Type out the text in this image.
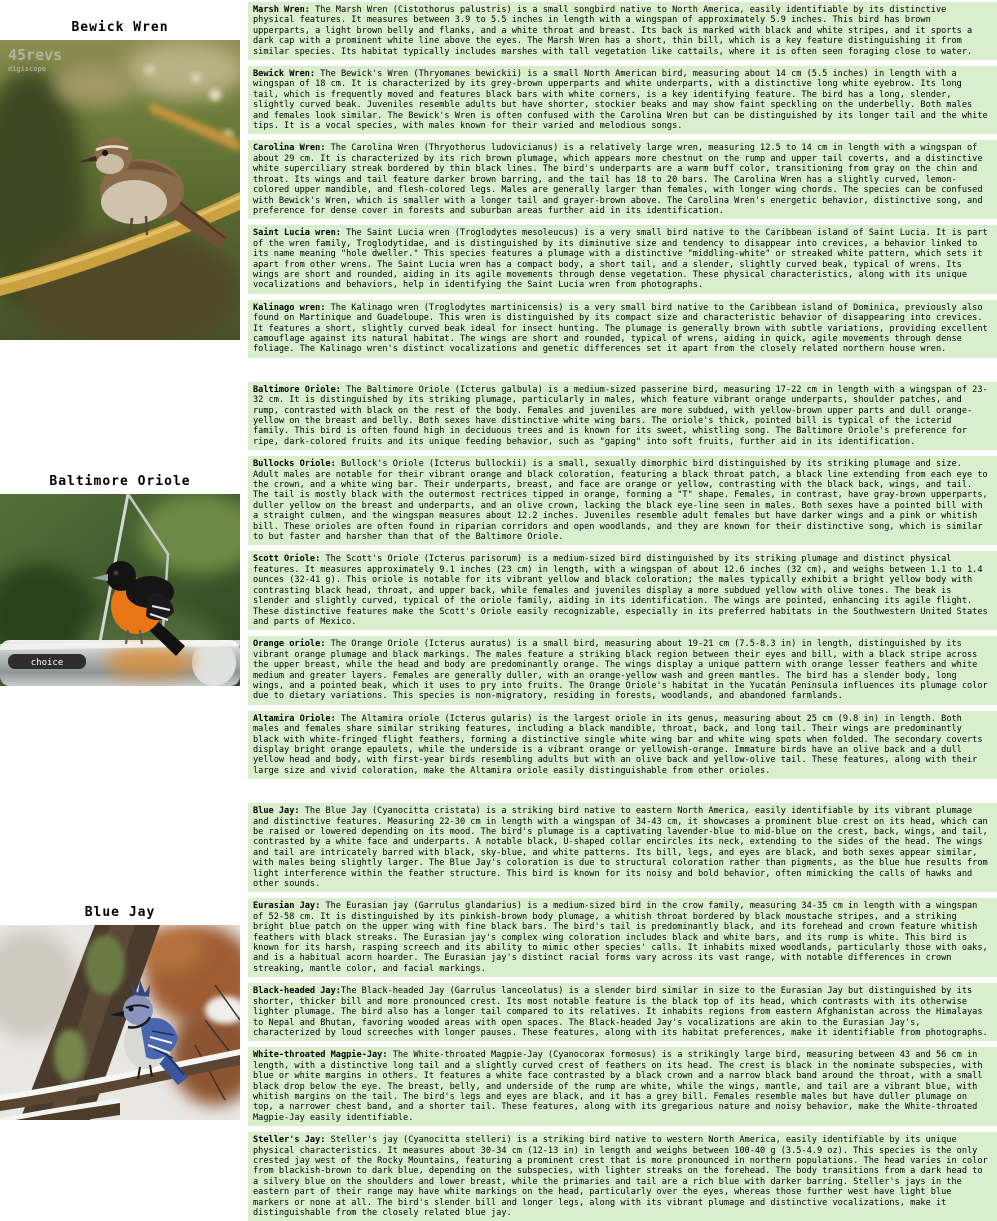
Bewick Wren
45revs
digiscope
Marsh Wren: The Marsh Wren (Cistothorus palustris) is a small songbird native to North America, easily identifiable by its distinctive physical features. It measures between 3.9 to 5.5 inches in length with a wingspan of approximately 5.9 inches. This bird has brown upperparts, a light brown belly and flanks, and a white throat and breast. Its back is marked with black and white stripes, and it sports a dark cap with a prominent white line above the eyes. The Marsh Wren has a short, thin bill, which is a key feature distinguishing it from similar species. Its habitat typically includes marshes with tall vegetation like cattails, where it is often seen foraging close to water.
Bewick Wren: The Bewick's Wren (Thryomanes bewickii) is a small North American bird, measuring about 14 cm (5.5 inches) in length with a wingspan of 18 cm. It is characterized by its grey-brown upperparts and white underparts, with a distinctive long white eyebrow. Its long tail, which is frequently moved and features black bars with white corners, is a key identifying feature. The bird has a long, slender, slightly curved beak. Juveniles resemble adults but have shorter, stockier beaks and may show faint speckling on the underbelly. Both males and females look similar. The Bewick's Wren is often confused with the Carolina Wren but can be distinguished by its longer tail and the white tips. It is a vocal species, with males known for their varied and melodious songs.
Carolina Wren: The Carolina Wren (Thryothorus ludovicianus) is a relatively large wren, measuring 12.5 to 14 cm in length with a wingspan of about 29 cm. It is characterized by its rich brown plumage, which appears more chestnut on the rump and upper tail coverts, and a distinctive white superciliary streak bordered by thin black lines. The bird's underparts are a warm buff color, transitioning from gray on the chin and throat. Its wings and tail feature darker brown barring, and the tail has 18 to 20 bars. The Carolina Wren has a slightly curved, lemon-colored upper mandible, and flesh-colored legs. Males are generally larger than females, with longer wing chords. The species can be confused with Bewick's Wren, which is smaller with a longer tail and grayer-brown above. The Carolina Wren's energetic behavior, distinctive song, and preference for dense cover in forests and suburban areas further aid in its identification.
Saint Lucia wren: The Saint Lucia wren (Troglodytes mesoleucus) is a very small bird native to the Caribbean island of Saint Lucia. It is part of the wren family, Troglodytidae, and is distinguished by its diminutive size and tendency to disappear into crevices, a behavior linked to its name meaning "hole dweller." This species features a plumage with a distinctive "middling-white" or streaked white pattern, which sets it apart from other wrens. The Saint Lucia wren has a compact body, a short tail, and a slender, slightly curved beak, typical of wrens. Its wings are short and rounded, aiding in its agile movements through dense vegetation. These physical characteristics, along with its unique vocalizations and behaviors, help in identifying the Saint Lucia wren from photographs.
Kalinago wren: The Kalinago wren (Troglodytes martinicensis) is a very small bird native to the Caribbean island of Dominica, previously also found on Martinique and Guadeloupe. This wren is distinguished by its compact size and characteristic behavior of disappearing into crevices. It features a short, slightly curved beak ideal for insect hunting. The plumage is generally brown with subtle variations, providing excellent camouflage against its natural habitat. The wings are short and rounded, typical of wrens, aiding in quick, agile movements through dense foliage. The Kalinago wren's distinct vocalizations and genetic differences set it apart from the closely related northern house wren.
Baltimore Oriole
choice
Baltimore Oriole: The Baltimore Oriole (Icterus galbula) is a medium-sized passerine bird, measuring 17-22 cm in length with a wingspan of 23-32 cm. It is distinguished by its striking plumage, particularly in males, which feature vibrant orange underparts, shoulder patches, and rump, contrasted with black on the rest of the body. Females and juveniles are more subdued, with yellow-brown upper parts and dull orange-yellow on the breast and belly. Both sexes have distinctive white wing bars. The oriole's thick, pointed bill is typical of the icterid family. This bird is often found high in deciduous trees and is known for its sweet, whistling song. The Baltimore Oriole's preference for ripe, dark-colored fruits and its unique feeding behavior, such as "gaping" into soft fruits, further aid in its identification.
Bullocks Oriole: Bullock's Oriole (Icterus bullockii) is a small, sexually dimorphic bird distinguished by its striking plumage and size. Adult males are notable for their vibrant orange and black coloration, featuring a black throat patch, a black line extending from each eye to the crown, and a white wing bar. Their underparts, breast, and face are orange or yellow, contrasting with the black back, wings, and tail. The tail is mostly black with the outermost rectrices tipped in orange, forming a "T" shape. Females, in contrast, have gray-brown upperparts, duller yellow on the breast and underparts, and an olive crown, lacking the black eye-line seen in males. Both sexes have a pointed bill with a straight culmen, and the wingspan measures about 12.2 inches. Juveniles resemble adult females but have darker wings and a pink or whitish bill. These orioles are often found in riparian corridors and open woodlands, and they are known for their distinctive song, which is similar to but faster and harsher than that of the Baltimore Oriole.
Scott Oriole: The Scott's Oriole (Icterus parisorum) is a medium-sized bird distinguished by its striking plumage and distinct physical features. It measures approximately 9.1 inches (23 cm) in length, with a wingspan of about 12.6 inches (32 cm), and weighs between 1.1 to 1.4 ounces (32-41 g). This oriole is notable for its vibrant yellow and black coloration; the males typically exhibit a bright yellow body with contrasting black head, throat, and upper back, while females and juveniles display a more subdued yellow with olive tones. The beak is slender and slightly curved, typical of the oriole family, aiding in its identification. The wings are pointed, enhancing its agile flight. These distinctive features make the Scott's Oriole easily recognizable, especially in its preferred habitats in the Southwestern United States and parts of Mexico.
Orange oriole: The Orange Oriole (Icterus auratus) is a small bird, measuring about 19-21 cm (7.5-8.3 in) in length, distinguished by its vibrant orange plumage and black markings. The males feature a striking black region between their eyes and bill, with a black stripe across the upper breast, while the head and body are predominantly orange. The wings display a unique pattern with orange lesser feathers and white medium and greater layers. Females are generally duller, with an orange-yellow wash and green mantles. The bird has a slender body, long wings, and a pointed beak, which it uses to pry into fruits. The Orange Oriole's habitat in the Yucatán Peninsula influences its plumage color due to dietary variations. This species is non-migratory, residing in forests, woodlands, and abandoned farmlands.
Altamira Oriole: The Altamira oriole (Icterus gularis) is the largest oriole in its genus, measuring about 25 cm (9.8 in) in length. Both males and females share similar striking features, including a black mandible, throat, back, and long tail. Their wings are predominantly black with white-fringed flight feathers, forming a distinctive single white wing bar and white wing spots when folded. The secondary coverts display bright orange epaulets, while the underside is a vibrant orange or yellowish-orange. Immature birds have an olive back and a dull yellow head and body, with first-year birds resembling adults but with an olive back and yellow-olive tail. These features, along with their large size and vivid coloration, make the Altamira oriole easily distinguishable from other orioles.
Blue Jay
Blue Jay: The Blue Jay (Cyanocitta cristata) is a striking bird native to eastern North America, easily identifiable by its vibrant plumage and distinctive features. Measuring 22-30 cm in length with a wingspan of 34-43 cm, it showcases a prominent blue crest on its head, which can be raised or lowered depending on its mood. The bird's plumage is a captivating lavender-blue to mid-blue on the crest, back, wings, and tail, contrasted by a white face and underparts. A notable black, U-shaped collar encircles its neck, extending to the sides of the head. The wings and tail are intricately barred with black, sky-blue, and white patterns. Its bill, legs, and eyes are black, and both sexes appear similar, with males being slightly larger. The Blue Jay's coloration is due to structural coloration rather than pigments, as the blue hue results from light interference within the feather structure. This bird is known for its noisy and bold behavior, often mimicking the calls of hawks and other sounds.
Eurasian Jay: The Eurasian jay (Garrulus glandarius) is a medium-sized bird in the crow family, measuring 34-35 cm in length with a wingspan of 52-58 cm. It is distinguished by its pinkish-brown body plumage, a whitish throat bordered by black moustache stripes, and a striking bright blue patch on the upper wing with fine black bars. The bird's tail is predominantly black, and its forehead and crown feature whitish feathers with black streaks. The Eurasian jay's complex wing coloration includes black and white bars, and its rump is white. This bird is known for its harsh, rasping screech and its ability to mimic other species' calls. It inhabits mixed woodlands, particularly those with oaks, and is a habitual acorn hoarder. The Eurasian jay's distinct racial forms vary across its vast range, with notable differences in crown streaking, mantle color, and facial markings.
Black-headed Jay:The Black-headed Jay (Garrulus lanceolatus) is a slender bird similar in size to the Eurasian Jay but distinguished by its shorter, thicker bill and more pronounced crest. Its most notable feature is the black top of its head, which contrasts with its otherwise lighter plumage. The bird also has a longer tail compared to its relatives. It inhabits regions from eastern Afghanistan across the Himalayas to Nepal and Bhutan, favoring wooded areas with open spaces. The Black-headed Jay's vocalizations are akin to the Eurasian Jay's, characterized by loud screeches with longer pauses. These features, along with its habitat preferences, make it identifiable from photographs.
White-throated Magpie-Jay: The White-throated Magpie-Jay (Cyanocorax formosus) is a strikingly large bird, measuring between 43 and 56 cm in length, with a distinctive long tail and a slightly curved crest of feathers on its head. The crest is black in the nominate subspecies, with blue or white margins in others. It features a white face contrasted by a black crown and a narrow black band around the throat, with a small black drop below the eye. The breast, belly, and underside of the rump are white, while the wings, mantle, and tail are a vibrant blue, with whitish margins on the tail. The bird's legs and eyes are black, and it has a grey bill. Females resemble males but have duller plumage on top, a narrower chest band, and a shorter tail. These features, along with its gregarious nature and noisy behavior, make the White-throated Magpie-Jay easily identifiable.
Steller's Jay: Steller's jay (Cyanocitta stelleri) is a striking bird native to western North America, easily identifiable by its unique physical characteristics. It measures about 30-34 cm (12-13 in) in length and weighs between 100-40 g (3.5-4.9 oz). This species is the only crested jay west of the Rocky Mountains, featuring a prominent crest that is more pronounced in northern populations. The head varies in color from blackish-brown to dark blue, depending on the subspecies, with lighter streaks on the forehead. The body transitions from a dark head to a silvery blue on the shoulders and lower breast, while the primaries and tail are a rich blue with darker barring. Steller's jays in the eastern part of their range may have white markings on the head, particularly over the eyes, whereas those further west have light blue markers or none at all. The bird's slender bill and longer legs, along with its vibrant plumage and distinctive vocalizations, make it distinguishable from the closely related blue jay.
